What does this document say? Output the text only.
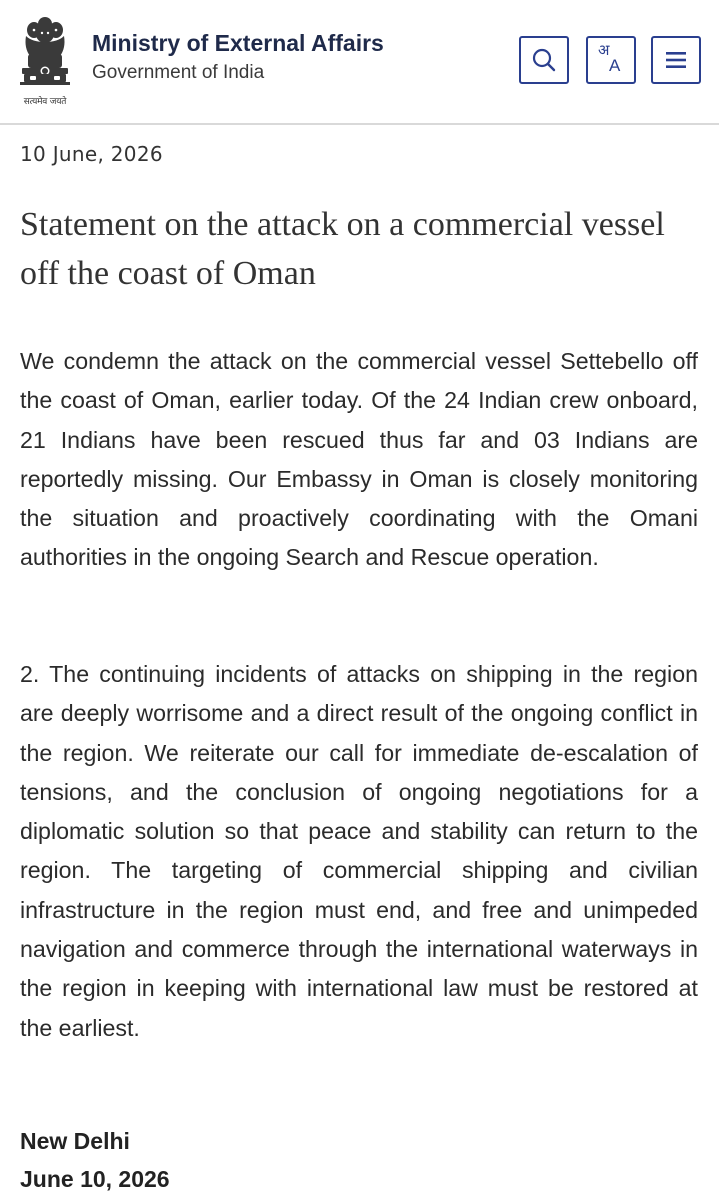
सत्यमेव जयते
Ministry of External Affairs
Government of India
अ
A
10 June, 2026
Statement on the attack on a commercial vessel off the coast of Oman

We condemn the attack on the commercial vessel Settebello off the coast of Oman, earlier today. Of the 24 Indian crew onboard, 21 Indians have been rescued thus far and 03 Indians are reportedly missing. Our Embassy in Oman is closely monitoring the situation and proactively coordinating with the Omani authorities in the ongoing Search and Rescue operation.

2. The continuing incidents of attacks on shipping in the region are deeply worrisome and a direct result of the ongoing conflict in the region. We reiterate our call for immediate de-escalation of tensions, and the conclusion of ongoing negotiations for a diplomatic solution so that peace and stability can return to the region. The targeting of commercial shipping and civilian infrastructure in the region must end, and free and unimpeded navigation and commerce through the international waterways in the region in keeping with international law must be restored at the earliest.

New Delhi
June 10, 2026
